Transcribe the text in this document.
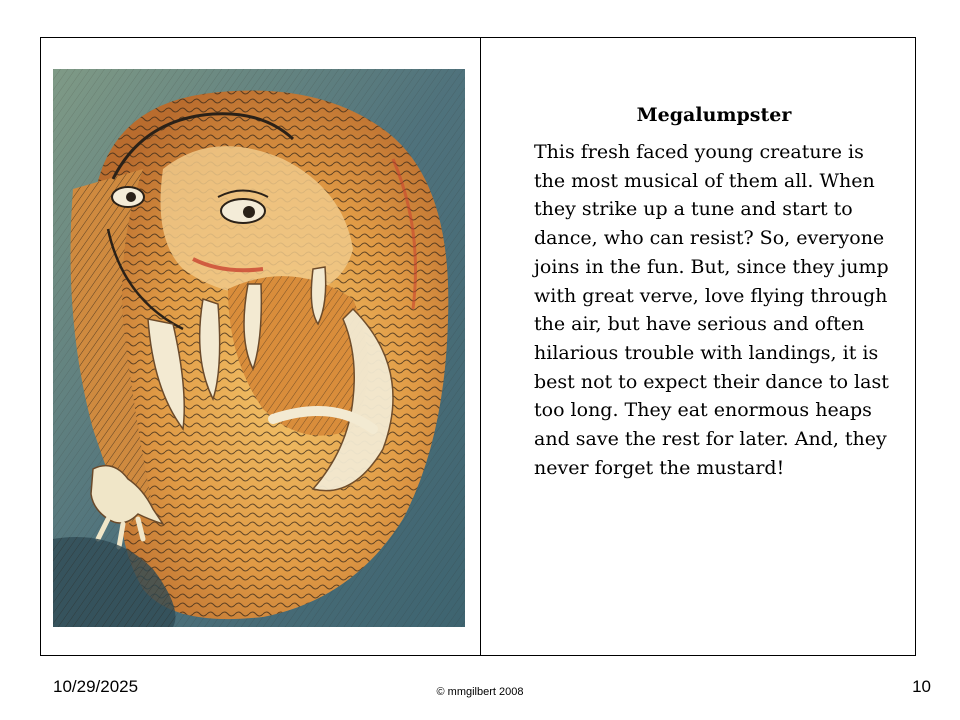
Megalumpster

This fresh faced young creature is the most musical of them all. When they strike up a tune and start to dance, who can resist? So, everyone joins in the fun. But, since they jump with great verve, love flying through the air, but have serious and often hilarious trouble with landings, it is best not to expect their dance to last too long. They eat enormous heaps and save the rest for later. And, they never forget the mustard!

10/29/2025	© mmgilbert 2008	10
